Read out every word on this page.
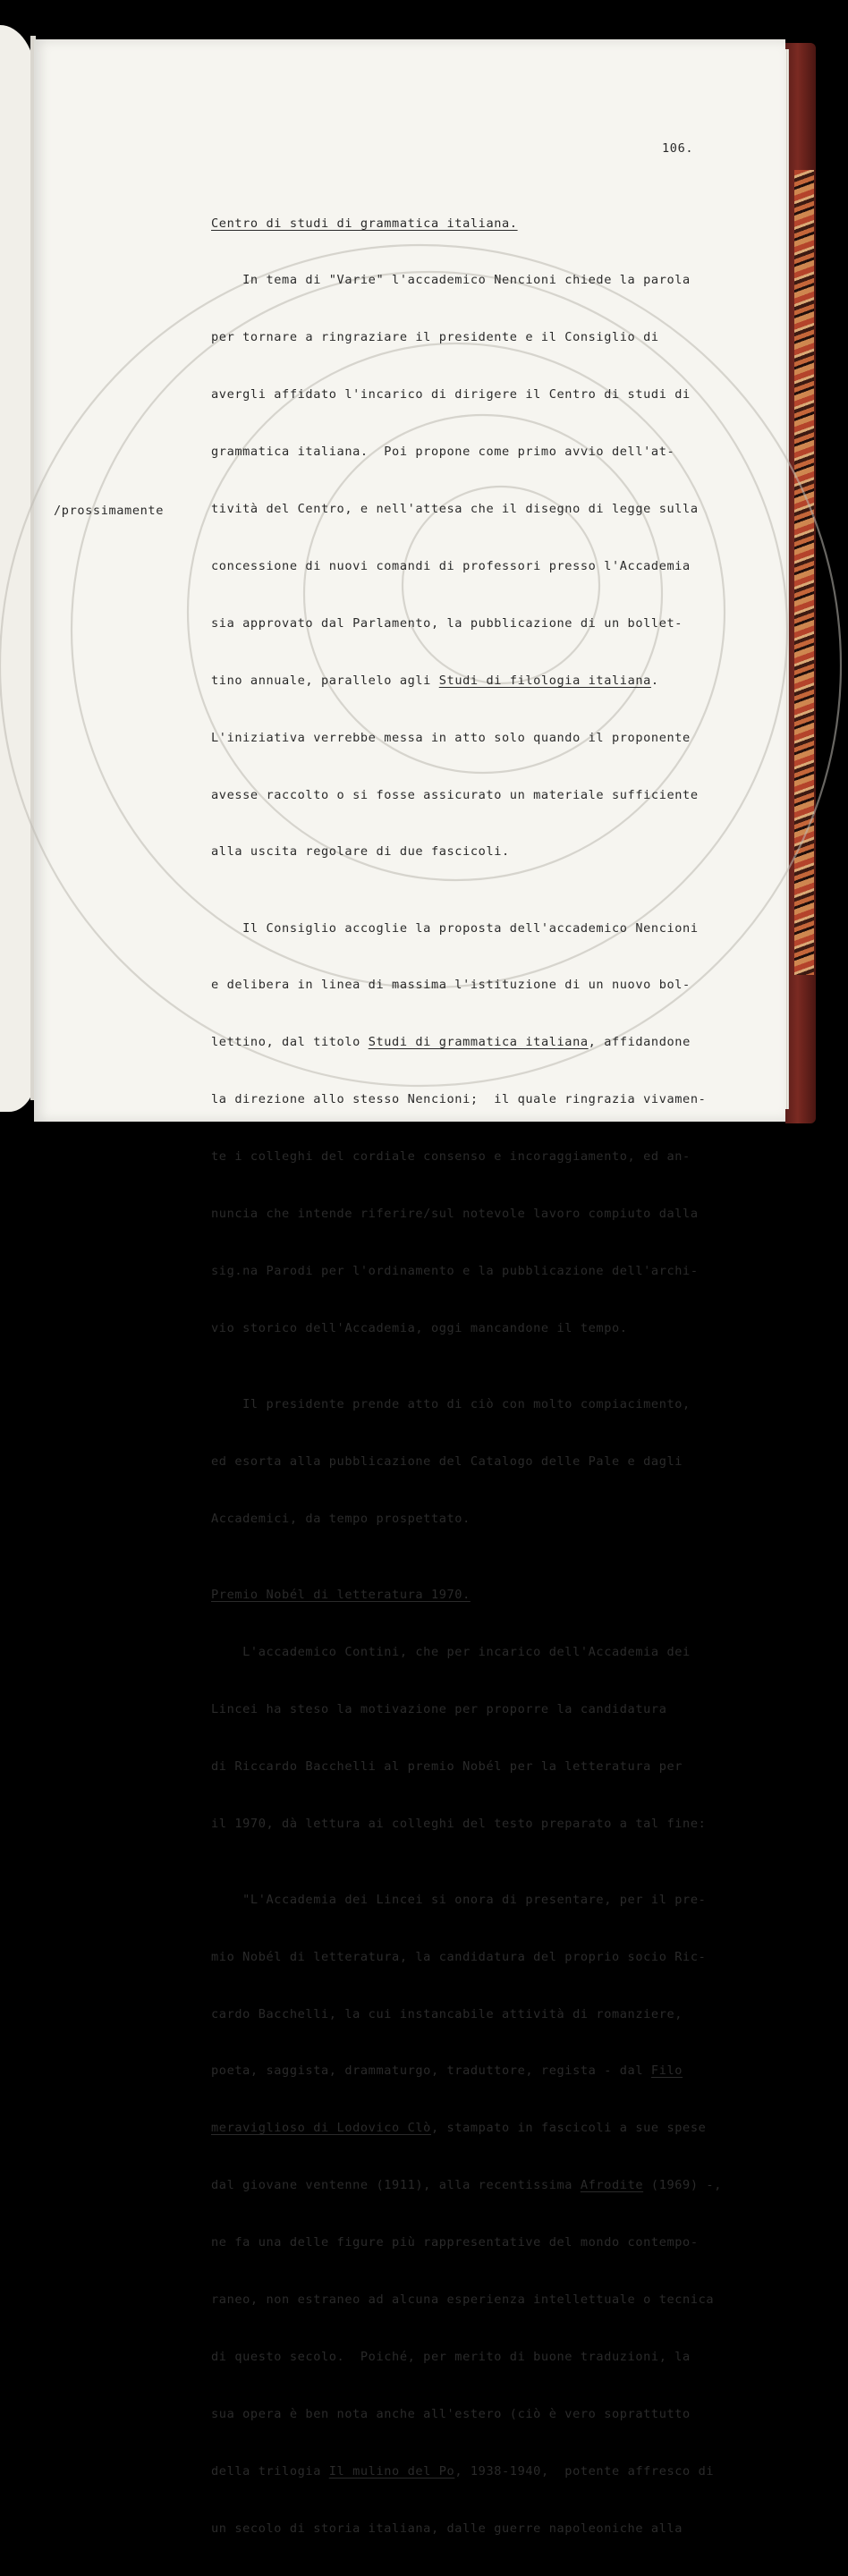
106.
/prossimamente

Centro di studi di grammatica italiana.

In tema di "Varie" l'accademico Nencioni chiede la parola

per tornare a ringraziare il presidente e il Consiglio di

avergli affidato l'incarico di dirigere il Centro di studi di

grammatica italiana.  Poi propone come primo avvio dell'at-

tività del Centro, e nell'attesa che il disegno di legge sulla

concessione di nuovi comandi di professori presso l'Accademia

sia approvato dal Parlamento, la pubblicazione di un bollet-

tino annuale, parallelo agli Studi di filologia italiana.

L'iniziativa verrebbe messa in atto solo quando il proponente

avesse raccolto o si fosse assicurato un materiale sufficiente

alla uscita regolare di due fascicoli.

Il Consiglio accoglie la proposta dell'accademico Nencioni

e delibera in linea di massima l'istituzione di un nuovo bol-

lettino, dal titolo Studi di grammatica italiana, affidandone

la direzione allo stesso Nencioni;  il quale ringrazia vivamen-

te i colleghi del cordiale consenso e incoraggiamento, ed an-

nuncia che intende riferire/sul notevole lavoro compiuto dalla

sig.na Parodi per l'ordinamento e la pubblicazione dell'archi-

vio storico dell'Accademia, oggi mancandone il tempo.

Il presidente prende atto di ciò con molto compiacimento,

ed esorta alla pubblicazione del Catalogo delle Pale e dagli

Accademici, da tempo prospettato.

Premio Nobél di letteratura 1970.

L'accademico Contini, che per incarico dell'Accademia dei

Lincei ha steso la motivazione per proporre la candidatura

di Riccardo Bacchelli al premio Nobél per la letteratura per

il 1970, dà lettura ai colleghi del testo preparato a tal fine:

"L'Accademia dei Lincei si onora di presentare, per il pre-

mio Nobél di letteratura, la candidatura del proprio socio Ric-

cardo Bacchelli, la cui instancabile attività di romanziere,

poeta, saggista, drammaturgo, traduttore, regista - dal Filo

meraviglioso di Lodovico Clò, stampato in fascicoli a sue spese

dal giovane ventenne (1911), alla recentissima Afrodite (1969) -,

ne fa una delle figure più rappresentative del mondo contempo-

raneo, non estraneo ad alcuna esperienza intellettuale o tecnica

di questo secolo.  Poiché, per merito di buone traduzioni, la

sua opera è ben nota anche all'estero (ciò è vero soprattutto

della trilogia Il mulino del Po, 1938-1940,  potente affresco di

un secolo di storia italiana, dalle guerre napoleoniche alla
